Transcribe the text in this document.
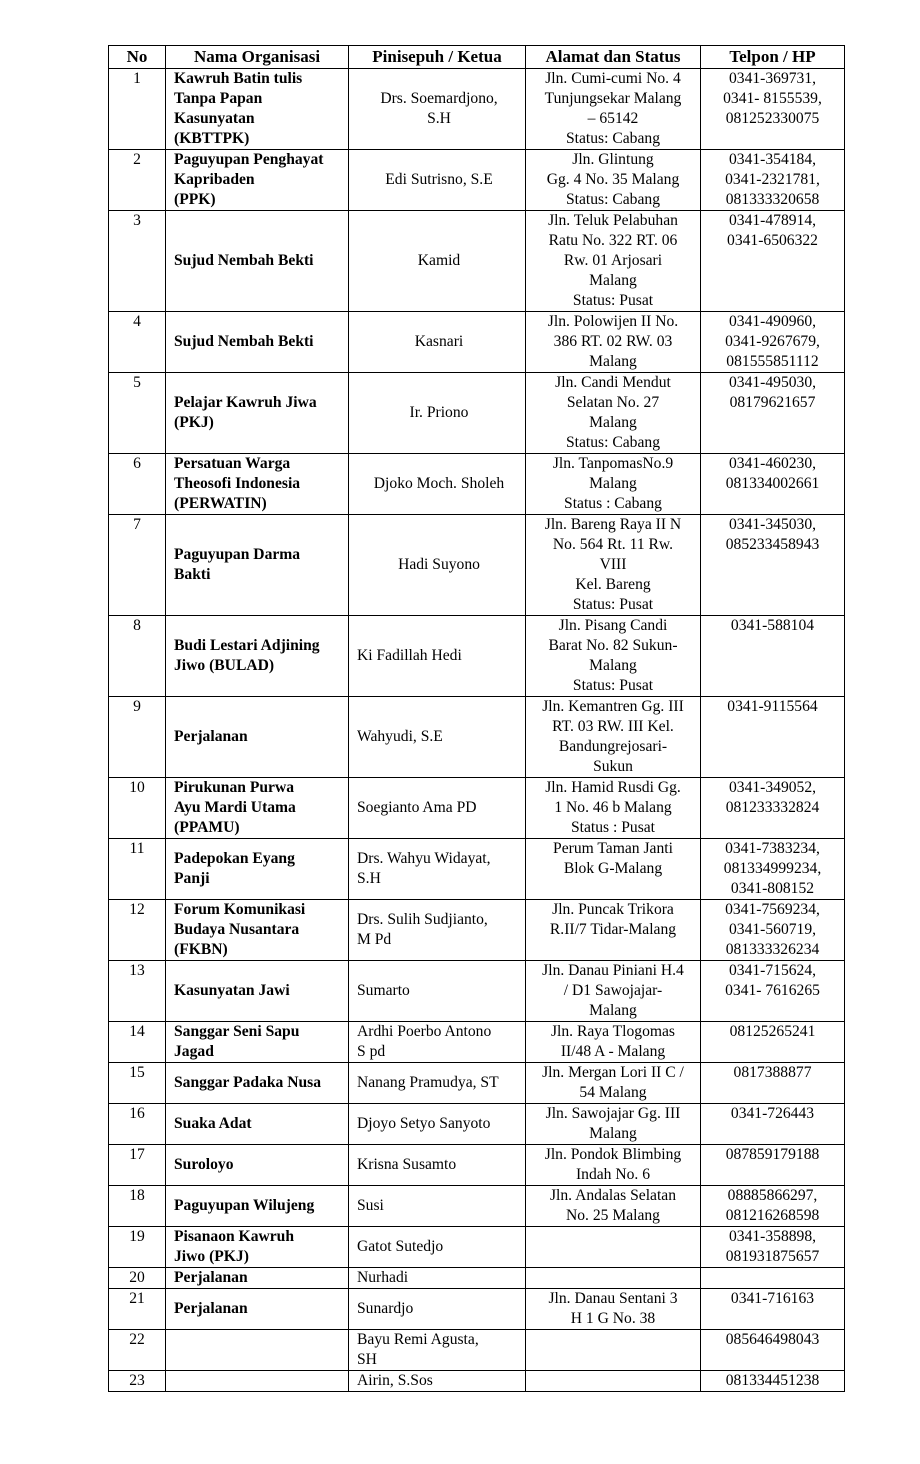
No	Nama Organisasi	Pinisepuh / Ketua	Alamat dan Status	Telpon / HP
1	Kawruh Batin tulis
Tanpa Papan
Kasunyatan
(KBTTPK)	Drs. Soemardjono,
S.H	Jln. Cumi-cumi No. 4
Tunjungsekar Malang
– 65142
Status: Cabang	0341-369731,
0341- 8155539,
081252330075
2	Paguyupan Penghayat
Kapribaden
(PPK)	Edi Sutrisno, S.E	Jln. Glintung
Gg. 4 No. 35 Malang
Status: Cabang	0341-354184,
0341-2321781,
081333320658
3	Sujud Nembah Bekti	Kamid	Jln. Teluk Pelabuhan
Ratu No. 322 RT. 06
Rw. 01 Arjosari
Malang
Status: Pusat	0341-478914,
0341-6506322
4	Sujud Nembah Bekti	Kasnari	Jln. Polowijen II No.
386 RT. 02 RW. 03
Malang	0341-490960,
0341-9267679,
081555851112
5	Pelajar Kawruh Jiwa
(PKJ)	Ir. Priono	Jln. Candi Mendut
Selatan No. 27
Malang
Status: Cabang	0341-495030,
08179621657
6	Persatuan Warga
Theosofi Indonesia
(PERWATIN)	Djoko Moch. Sholeh	Jln. TanpomasNo.9
Malang
Status : Cabang	0341-460230,
081334002661
7	Paguyupan Darma
Bakti	Hadi Suyono	Jln. Bareng Raya II N
No. 564 Rt. 11 Rw.
VIII
Kel. Bareng
Status: Pusat	0341-345030,
085233458943
8	Budi Lestari Adjining
Jiwo (BULAD)	Ki Fadillah Hedi	Jln. Pisang Candi
Barat No. 82 Sukun-
Malang
Status: Pusat	0341-588104
9	Perjalanan	Wahyudi, S.E	Jln. Kemantren Gg. III
RT. 03 RW. III Kel.
Bandungrejosari-
Sukun	0341-9115564
10	Pirukunan Purwa
Ayu Mardi Utama
(PPAMU)	Soegianto Ama PD	Jln. Hamid Rusdi Gg.
1 No. 46 b Malang
Status : Pusat	0341-349052,
081233332824
11	Padepokan Eyang
Panji	Drs. Wahyu Widayat,
S.H	Perum Taman Janti
Blok G-Malang	0341-7383234,
081334999234,
0341-808152
12	Forum Komunikasi
Budaya Nusantara
(FKBN)	Drs. Sulih Sudjianto,
M Pd	Jln. Puncak Trikora
R.II/7 Tidar-Malang	0341-7569234,
0341-560719,
081333326234
13	Kasunyatan Jawi	Sumarto	Jln. Danau Piniani H.4
/ D1 Sawojajar-
Malang	0341-715624,
0341- 7616265
14	Sanggar Seni Sapu
Jagad	Ardhi Poerbo Antono
S pd	Jln. Raya Tlogomas
II/48 A - Malang	08125265241
15	Sanggar Padaka Nusa	Nanang Pramudya, ST	Jln. Mergan Lori II C /
54 Malang	0817388877
16	Suaka Adat	Djoyo Setyo Sanyoto	Jln. Sawojajar Gg. III
Malang	0341-726443
17	Suroloyo	Krisna Susamto	Jln. Pondok Blimbing
Indah No. 6	087859179188
18	Paguyupan Wilujeng	Susi	Jln. Andalas Selatan
No. 25 Malang	08885866297,
081216268598
19	Pisanaon Kawruh
Jiwo (PKJ)	Gatot Sutedjo		0341-358898,
081931875657
20	Perjalanan	Nurhadi		
21	Perjalanan	Sunardjo	Jln. Danau Sentani 3
H 1 G No. 38	0341-716163
22		Bayu Remi Agusta,
SH		085646498043
23		Airin, S.Sos		081334451238
